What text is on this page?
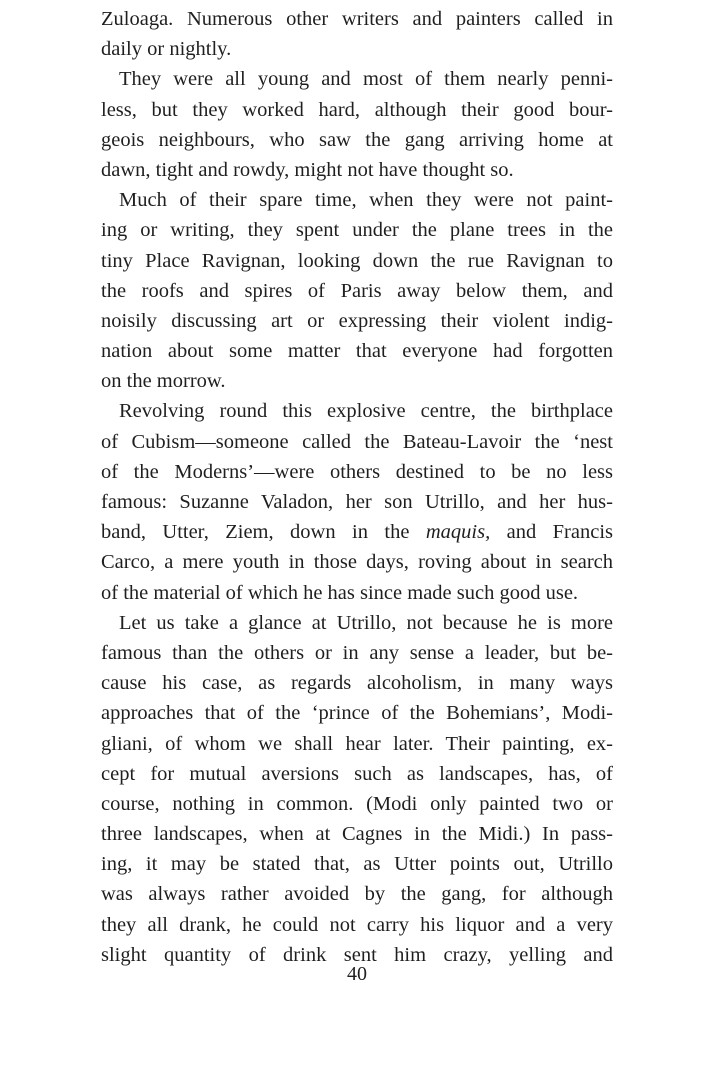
Zuloaga. Numerous other writers and painters called in
daily or nightly.
They were all young and most of them nearly penni-
less, but they worked hard, although their good bour-
geois neighbours, who saw the gang arriving home at
dawn, tight and rowdy, might not have thought so.
Much of their spare time, when they were not paint-
ing or writing, they spent under the plane trees in the
tiny Place Ravignan, looking down the rue Ravignan to
the roofs and spires of Paris away below them, and
noisily discussing art or expressing their violent indig-
nation about some matter that everyone had forgotten
on the morrow.
Revolving round this explosive centre, the birthplace
of Cubism—someone called the Bateau-Lavoir the ‘nest
of the Moderns’—were others destined to be no less
famous: Suzanne Valadon, her son Utrillo, and her hus-
band, Utter, Ziem, down in the maquis, and Francis
Carco, a mere youth in those days, roving about in search
of the material of which he has since made such good use.
Let us take a glance at Utrillo, not because he is more
famous than the others or in any sense a leader, but be-
cause his case, as regards alcoholism, in many ways
approaches that of the ‘prince of the Bohemians’, Modi-
gliani, of whom we shall hear later. Their painting, ex-
cept for mutual aversions such as landscapes, has, of
course, nothing in common. (Modi only painted two or
three landscapes, when at Cagnes in the Midi.) In pass-
ing, it may be stated that, as Utter points out, Utrillo
was always rather avoided by the gang, for although
they all drank, he could not carry his liquor and a very
slight quantity of drink sent him crazy, yelling and
40
